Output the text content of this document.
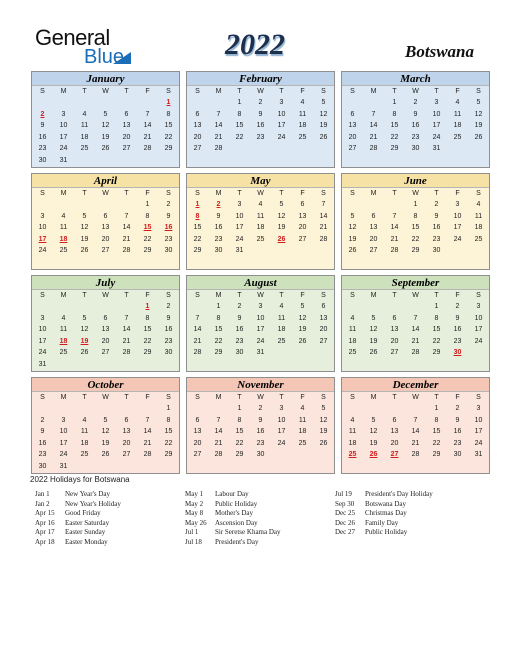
General
Blue	2022	Botswana
January
S	M	T	W	T	F	S
						1
2	3	4	5	6	7	8
9	10	11	12	13	14	15
16	17	18	19	20	21	22
23	24	25	26	27	28	29
30	31					
February
S	M	T	W	T	F	S
		1	2	3	4	5
6	7	8	9	10	11	12
13	14	15	16	17	18	19
20	21	22	23	24	25	26
27	28					
March
S	M	T	W	T	F	S
		1	2	3	4	5
6	7	8	9	10	11	12
13	14	15	16	17	18	19
20	21	22	23	24	25	26
27	28	29	30	31		
April
S	M	T	W	T	F	S
					1	2
3	4	5	6	7	8	9
10	11	12	13	14	15	16
17	18	19	20	21	22	23
24	25	26	27	28	29	30
May
S	M	T	W	T	F	S
1	2	3	4	5	6	7
8	9	10	11	12	13	14
15	16	17	18	19	20	21
22	23	24	25	26	27	28
29	30	31				
June
S	M	T	W	T	F	S
			1	2	3	4
5	6	7	8	9	10	11
12	13	14	15	16	17	18
19	20	21	22	23	24	25
26	27	28	29	30		
July
S	M	T	W	T	F	S
					1	2
3	4	5	6	7	8	9
10	11	12	13	14	15	16
17	18	19	20	21	22	23
24	25	26	27	28	29	30
31						
August
S	M	T	W	T	F	S
	1	2	3	4	5	6
7	8	9	10	11	12	13
14	15	16	17	18	19	20
21	22	23	24	25	26	27
28	29	30	31			
September
S	M	T	W	T	F	S
				1	2	3
4	5	6	7	8	9	10
11	12	13	14	15	16	17
18	19	20	21	22	23	24
25	26	27	28	29	30	
October
S	M	T	W	T	F	S
						1
2	3	4	5	6	7	8
9	10	11	12	13	14	15
16	17	18	19	20	21	22
23	24	25	26	27	28	29
30	31					
November
S	M	T	W	T	F	S
		1	2	3	4	5
6	7	8	9	10	11	12
13	14	15	16	17	18	19
20	21	22	23	24	25	26
27	28	29	30			
December
S	M	T	W	T	F	S
				1	2	3
4	5	6	7	8	9	10
11	12	13	14	15	16	17
18	19	20	21	22	23	24
25	26	27	28	29	30	31
2022 Holidays for Botswana
Jan 1 New Year's Day
Jan 2 New Year's Holiday
Apr 15 Good Friday
Apr 16 Easter Saturday
Apr 17 Easter Sunday
Apr 18 Easter Monday
May 1 Labour Day
May 2 Public Holiday
May 8 Mother's Day
May 26 Ascension Day
Jul 1 Sir Seretse Khama Day
Jul 18 President's Day
Jul 19 President's Day Holiday
Sep 30 Botswana Day
Dec 25 Christmas Day
Dec 26 Family Day
Dec 27 Public Holiday
